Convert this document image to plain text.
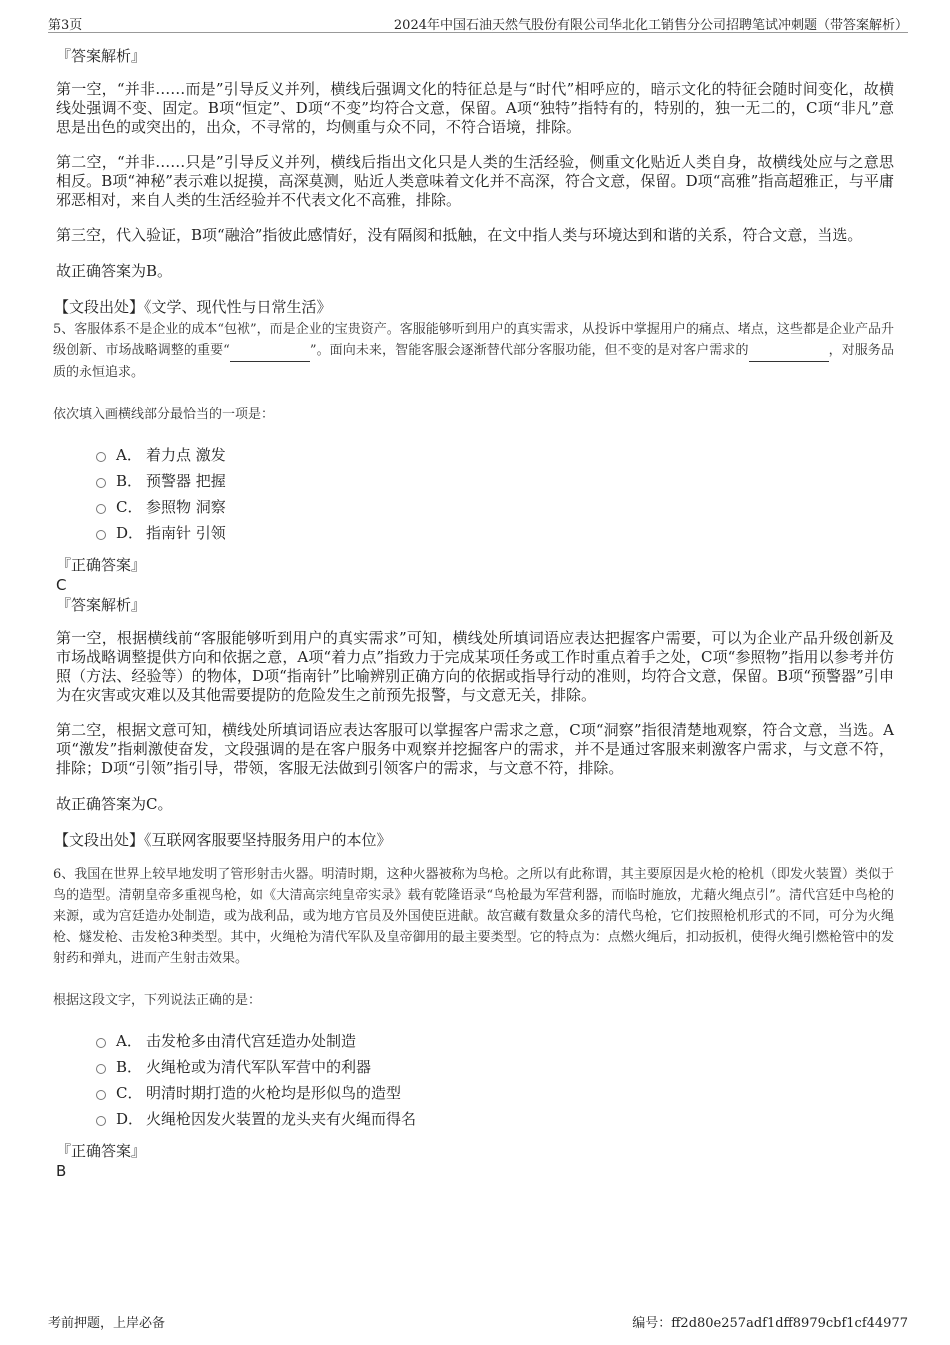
第3页	2024年中国石油天然气股份有限公司华北化工销售分公司招聘笔试冲刺题（带答案解析）

『答案解析』

第一空，“并非……而是”引导反义并列，横线后强调文化的特征总是与“时代”相呼应的，暗示文化的特征会随时间变化，故横线处强调不变、固定。B项“恒定”、D项“不变”均符合文意，保留。A项“独特”指特有的，特别的，独一无二的，C项“非凡”意思是出色的或突出的，出众，不寻常的，均侧重与众不同，不符合语境，排除。

第二空，“并非……只是”引导反义并列，横线后指出文化只是人类的生活经验，侧重文化贴近人类自身，故横线处应与之意思相反。B项“神秘”表示难以捉摸，高深莫测，贴近人类意味着文化并不高深，符合文意，保留。D项“高雅”指高超雅正，与平庸邪恶相对，来自人类的生活经验并不代表文化不高雅，排除。

第三空，代入验证，B项“融洽”指彼此感情好，没有隔阂和抵触，在文中指人类与环境达到和谐的关系，符合文意，当选。

故正确答案为B。

【文段出处】《文学、现代性与日常生活》

5、客服体系不是企业的成本“包袱”，而是企业的宝贵资产。客服能够听到用户的真实需求，从投诉中掌握用户的痛点、堵点，这些都是企业产品升级创新、市场战略调整的重要“	”。面向未来，智能客服会逐渐替代部分客服功能，但不变的是对客户需求的	，对服务品质的永恒追求。

依次填入画横线部分最恰当的一项是：

A． 着力点 激发
B． 预警器 把握
C． 参照物 洞察
D． 指南针 引领

『正确答案』

C

『答案解析』

第一空，根据横线前“客服能够听到用户的真实需求”可知，横线处所填词语应表达把握客户需要，可以为企业产品升级创新及市场战略调整提供方向和依据之意，A项“着力点”指致力于完成某项任务或工作时重点着手之处，C项“参照物”指用以参考并仿照（方法、经验等）的物体，D项“指南针”比喻辨别正确方向的依据或指导行动的准则，均符合文意，保留。B项“预警器”引申为在灾害或灾难以及其他需要提防的危险发生之前预先报警，与文意无关，排除。

第二空，根据文意可知，横线处所填词语应表达客服可以掌握客户需求之意，C项“洞察”指很清楚地观察，符合文意，当选。A项“激发”指刺激使奋发，文段强调的是在客户服务中观察并挖掘客户的需求，并不是通过客服来刺激客户需求，与文意不符，排除；D项“引领”指引导，带领，客服无法做到引领客户的需求，与文意不符，排除。

故正确答案为C。

【文段出处】《互联网客服要坚持服务用户的本位》

6、我国在世界上较早地发明了管形射击火器。明清时期，这种火器被称为鸟枪。之所以有此称谓，其主要原因是火枪的枪机（即发火装置）类似于鸟的造型。清朝皇帝多重视鸟枪，如《大清高宗纯皇帝实录》载有乾隆语录“鸟枪最为军营利器，而临时施放，尤藉火绳点引”。清代宫廷中鸟枪的来源，或为宫廷造办处制造，或为战利品，或为地方官员及外国使臣进献。故宫藏有数量众多的清代鸟枪，它们按照枪机形式的不同，可分为火绳枪、燧发枪、击发枪3种类型。其中，火绳枪为清代军队及皇帝御用的最主要类型。它的特点为：点燃火绳后，扣动扳机，使得火绳引燃枪管中的发射药和弹丸，进而产生射击效果。

根据这段文字，下列说法正确的是：

A． 击发枪多由清代宫廷造办处制造
B． 火绳枪或为清代军队军营中的利器
C． 明清时期打造的火枪均是形似鸟的造型
D． 火绳枪因发火装置的龙头夹有火绳而得名

『正确答案』

B

考前押题，上岸必备	编号：ff2d80e257adf1dff8979cbf1cf44977
